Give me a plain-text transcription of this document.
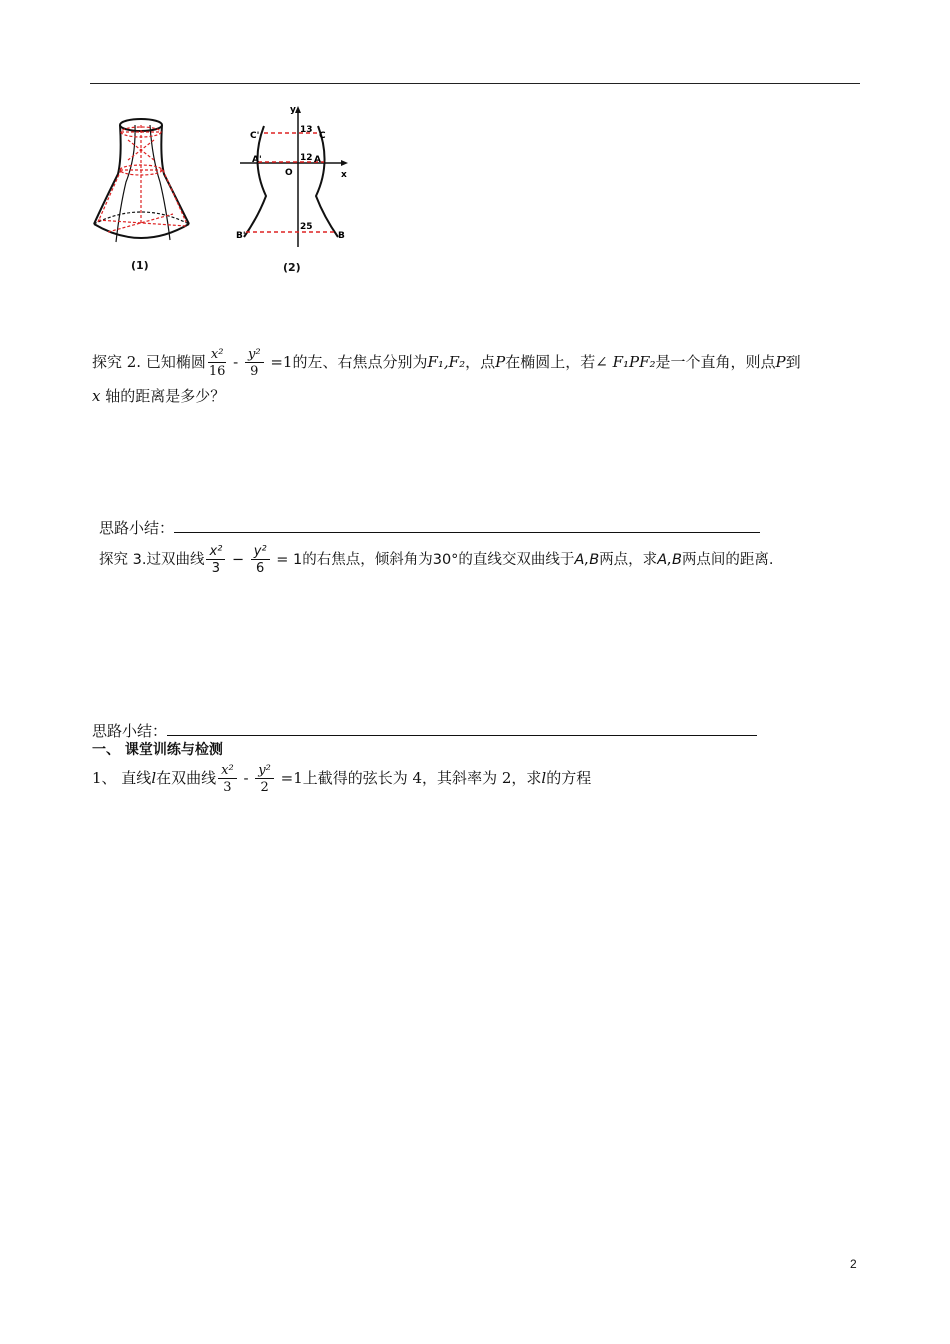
(1)
y
x
O
C'	C
A'	A
B'	B
13
12
25
(2)
探究 2. 已知椭圆 $\frac{\text{x²}}{16} - \frac{\text{y²}}{9} =1$的左、右焦点分别为F₁,F₂，点P在椭圆上，若∠ F₁PF₂是一个直角，则点P到
x 轴的距离是多少？
思路小结：
探究 3.过双曲线 $\frac{\text{x²}}{3} - \frac{\text{y²}}{6} = 1$的右焦点，倾斜角为30°的直线交双曲线于A,B两点，求A,B两点间的距离.
思路小结：
一、 课堂训练与检测
1、 直线l在双曲线 $\frac{\text{x²}}{3} - \frac{\text{y²}}{2} =1$上截得的弦长为 4，其斜率为 2，求l的方程
2
